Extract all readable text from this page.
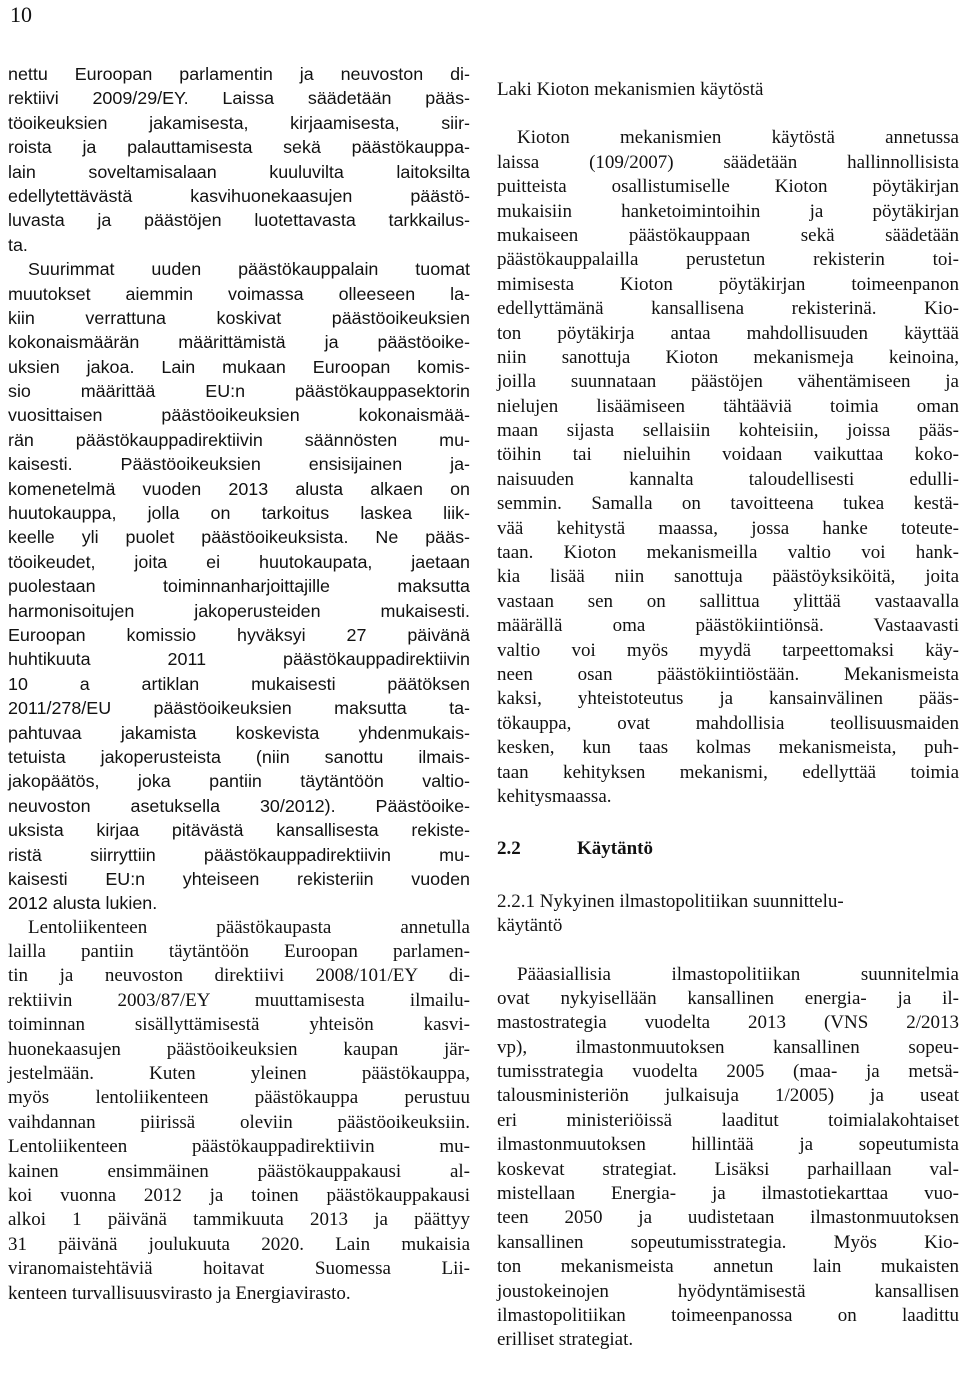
10
nettu Euroopan parlamentin ja neuvoston di-
rektiivi 2009/29/EY. Laissa säädetään pääs-
töoikeuksien jakamisesta, kirjaamisesta, siir-
roista ja palauttamisesta sekä päästökauppa-
lain soveltamisalaan kuuluvilta laitoksilta
edellytettävästä kasvihuonekaasujen päästö-
luvasta ja päästöjen luotettavasta tarkkailus-
ta.
Suurimmat uuden päästökauppalain tuomat
muutokset aiemmin voimassa olleeseen la-
kiin verrattuna koskivat päästöoikeuksien
kokonaismäärän määrittämistä ja päästöoike-
uksien jakoa. Lain mukaan Euroopan komis-
sio määrittää EU:n päästökauppasektorin
vuosittaisen päästöoikeuksien kokonaismää-
rän päästökauppadirektiivin säännösten mu-
kaisesti. Päästöoikeuksien ensisijainen ja-
komenetelmä vuoden 2013 alusta alkaen on
huutokauppa, jolla on tarkoitus laskea liik-
keelle yli puolet päästöoikeuksista. Ne pääs-
töoikeudet, joita ei huutokaupata, jaetaan
puolestaan toiminnanharjoittajille maksutta
harmonisoitujen jakoperusteiden mukaisesti.
Euroopan komissio hyväksyi 27 päivänä
huhtikuuta 2011 päästökauppadirektiivin
10 a artiklan mukaisesti päätöksen
2011/278/EU päästöoikeuksien maksutta ta-
pahtuvaa jakamista koskevista yhdenmukais-
tetuista jakoperusteista (niin sanottu ilmais-
jakopäätös, joka pantiin täytäntöön valtio-
neuvoston asetuksella 30/2012). Päästöoike-
uksista kirjaa pitävästä kansallisesta rekiste-
ristä siirryttiin päästökauppadirektiivin mu-
kaisesti EU:n yhteiseen rekisteriin vuoden
2012 alusta lukien.
Lentoliikenteen päästökaupasta annetulla
lailla pantiin täytäntöön Euroopan parlamen-
tin ja neuvoston direktiivi 2008/101/EY di-
rektiivin 2003/87/EY muuttamisesta ilmailu-
toiminnan sisällyttämisestä yhteisön kasvi-
huonekaasujen päästöoikeuksien kaupan jär-
jestelmään. Kuten yleinen päästökauppa,
myös lentoliikenteen päästökauppa perustuu
vaihdannan piirissä oleviin päästöoikeuksiin.
Lentoliikenteen päästökauppadirektiivin mu-
kainen ensimmäinen päästökauppakausi al-
koi vuonna 2012 ja toinen päästökauppakausi
alkoi 1 päivänä tammikuuta 2013 ja päättyy
31 päivänä joulukuuta 2020. Lain mukaisia
viranomaistehtäviä hoitavat Suomessa Lii-
kenteen turvallisuusvirasto ja Energiavirasto.

Laki Kioton mekanismien käytöstä

Kioton mekanismien käytöstä annetussa
laissa (109/2007) säädetään hallinnollisista
puitteista osallistumiselle Kioton pöytäkirjan
mukaisiin hanketoimintoihin ja pöytäkirjan
mukaiseen päästökauppaan sekä säädetään
päästökauppalailla perustetun rekisterin toi-
mimisesta Kioton pöytäkirjan toimeenpanon
edellyttämänä kansallisena rekisterinä. Kio-
ton pöytäkirja antaa mahdollisuuden käyttää
niin sanottuja Kioton mekanismeja keinoina,
joilla suunnataan päästöjen vähentämiseen ja
nielujen lisäämiseen tähtääviä toimia oman
maan sijasta sellaisiin kohteisiin, joissa pääs-
töihin tai nieluihin voidaan vaikuttaa koko-
naisuuden kannalta taloudellisesti edulli-
semmin. Samalla on tavoitteena tukea kestä-
vää kehitystä maassa, jossa hanke toteute-
taan. Kioton mekanismeilla valtio voi hank-
kia lisää niin sanottuja päästöyksiköitä, joita
vastaan sen on sallittua ylittää vastaavalla
määrällä oma päästökiintiönsä. Vastaavasti
valtio voi myös myydä tarpeettomaksi käy-
neen osan päästökiintiöstään. Mekanismeista
kaksi, yhteistoteutus ja kansainvälinen pääs-
tökauppa, ovat mahdollisia teollisuusmaiden
kesken, kun taas kolmas mekanismeista, puh-
taan kehityksen mekanismi, edellyttää toimia
kehitysmaassa.
2.2	Käytäntö
2.2.1 Nykyinen ilmastopolitiikan suunnittelu-
käytäntö
Pääasiallisia ilmastopolitiikan suunnitelmia
ovat nykyisellään kansallinen energia- ja il-
mastostrategia vuodelta 2013 (VNS 2/2013
vp), ilmastonmuutoksen kansallinen sopeu-
tumisstrategia vuodelta 2005 (maa- ja metsä-
talousministeriön julkaisuja 1/2005) ja useat
eri ministeriöissä laaditut toimialakohtaiset
ilmastonmuutoksen hillintää ja sopeutumista
koskevat strategiat. Lisäksi parhaillaan val-
mistellaan Energia- ja ilmastotiekarttaa vuo-
teen 2050 ja uudistetaan ilmastonmuutoksen
kansallinen sopeutumisstrategia. Myös Kio-
ton mekanismeista annetun lain mukaisten
joustokeinojen hyödyntämisestä kansallisen
ilmastopolitiikan toimeenpanossa on laadittu
erilliset strategiat.
